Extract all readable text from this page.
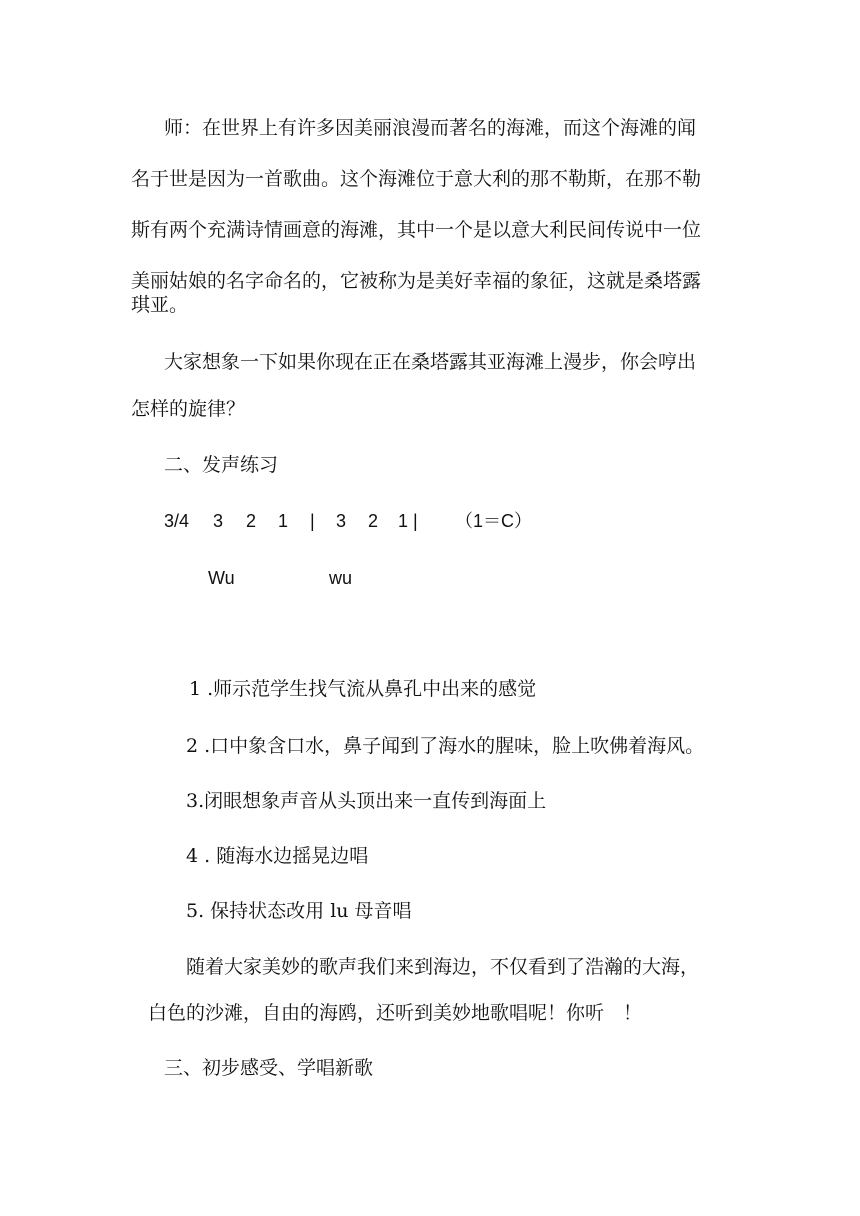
师：在世界上有许多因美丽浪漫而著名的海滩，而这个海滩的闻
名于世是因为一首歌曲。这个海滩位于意大利的那不勒斯，在那不勒
斯有两个充满诗情画意的海滩，其中一个是以意大利民间传说中一位
美丽姑娘的名字命名的，它被称为是美好幸福的象征，这就是桑塔露
琪亚。
大家想象一下如果你现在正在桑塔露其亚海滩上漫步，你会哼出
怎样的旋律？
二、发声练习
3/4 3 2 1 | 3 2 1 | （1＝C）
Wu	wu
1 .师示范学生找气流从鼻孔中出来的感觉
2 .口中象含口水，鼻子闻到了海水的腥味，脸上吹佛着海风。
3.闭眼想象声音从头顶出来一直传到海面上
4 . 随海水边摇晃边唱
5. 保持状态改用 lu 母音唱
随着大家美妙的歌声我们来到海边，不仅看到了浩瀚的大海，
白色的沙滩，自由的海鸥，还听到美妙地歌唱呢！你听　！
三、初步感受、学唱新歌
